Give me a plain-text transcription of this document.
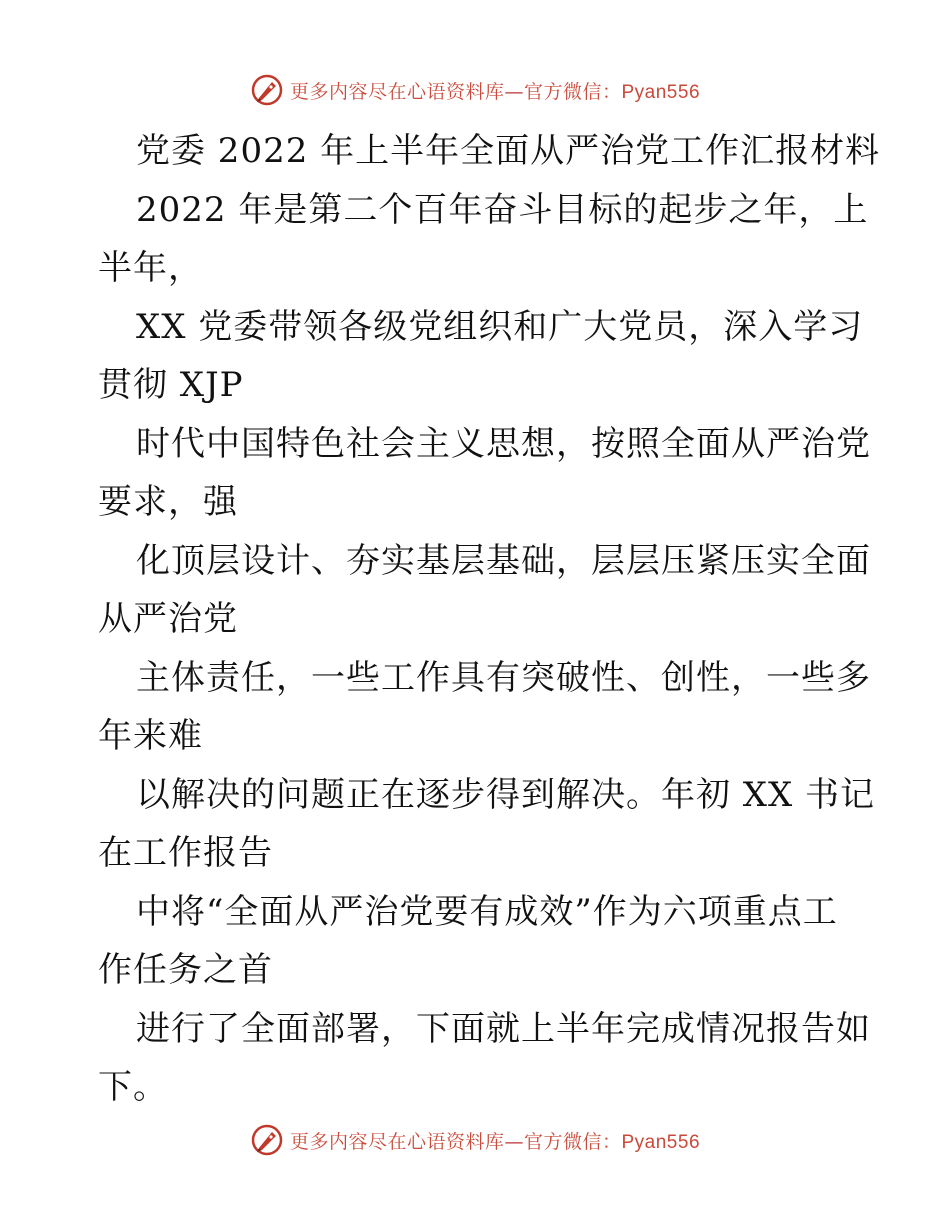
更多内容尽在心语资料库—官方微信：Pyan556
党委 2022 年上半年全面从严治党工作汇报材料
2022 年是第二个百年奋斗目标的起步之年，上
半年，
XX 党委带领各级党组织和广大党员，深入学习
贯彻 XJP
时代中国特色社会主义思想，按照全面从严治党
要求，强
化顶层设计、夯实基层基础，层层压紧压实全面
从严治党
主体责任，一些工作具有突破性、创性，一些多
年来难
以解决的问题正在逐步得到解决。年初 XX 书记
在工作报告
中将“全面从严治党要有成效”作为六项重点工
作任务之首
进行了全面部署，下面就上半年完成情况报告如
下。
更多内容尽在心语资料库—官方微信：Pyan556
